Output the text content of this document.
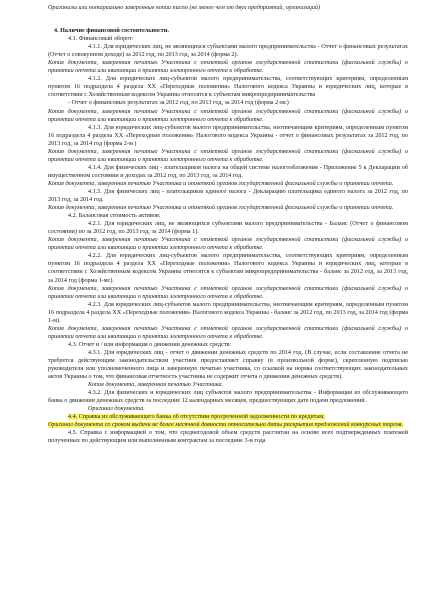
Оригиналы или нотариально заверенные копии писем (не менее чем от двух предприятий, организаций)

4. Наличие финансовой состоятельности.

4.1. Финансовый оборот:

4.1.1. Для юридических лиц, не являющихся субъектами малого предпринимательства - Отчет о финансовых результатах (Отчет о совокупном доходе) за 2012 год, по 2013 год, за 2014 (форма 2).

Копия документа, заверенная печатью Участника с отметкой органов государственной статистики (фискальной службы) о принятии отчета или квитанции о принятии электронного отчета к обработке.

4.1.2. Для юридических лиц-субъектов малого предпринимательства, соответствующих критериям, определенным пунктом 16 подраздела 4 раздела XX «Переходные положения» Налогового кодекса Украины и юридических лиц, которые в соответствии с Хозяйственным кодексом Украины относятся к субъектам микропредпринимательства

- Отчет о финансовых результатах за 2012 год, по 2013 год, за 2014 год (форма 2-мс)

Копия документа, заверенная печатью Участника с отметкой органов государственной статистики (фискальной службы) о принятии отчета или квитанции о принятии электронного отчета к обработке.

4.1.3. Для юридических лиц-субъектов малого предпринимательства, неотвечающим критериям, определенным пунктом 16 подраздела 4 раздела XX «Переходные положения» Налогового кодекса Украины - отчет о финансовых результатах за 2012 год, по 2013 год, за 2014 год (форма 2-м )

Копия документа, заверенная печатью Участника с отметкой органов государственной статистики (фискальной службы) о принятии отчета или квитанции о принятии электронного отчета к обработке.

4.1.4. Для физических лиц - плательщиков налога на общей системе налогообложения - Приложение 5 к Декларации об имущественном состоянии и доходах за 2012 год, по 2013 год, за 2014 год.

Копия документа, заверенная печатью Участника и отметкой органов государственной фискальной службы о принятии отчета.

4.1.5. Для физических лиц - плательщиков единого налога - Декларацию плательщика единого налога за 2012 год, по 2013 год, за 2014 год.

Копия документа, заверенная печатью Участника и отметкой органов государственной фискальной службы о принятии отчета.

4.2. Балансовая стоимость активов:

4.2.1. Для юридических лиц, не являющихся субъектами малого предпринимательства - Баланс (Отчет о финансовом состоянии) по за 2012 год, по 2013 год, за 2014 (форма 1).

Копия документа, заверенная печатью Участника с отметкой органов государственной статистики (фискальной службы) о принятии отчета или квитанции о принятии электронного отчета к обработке.

4.2.2. Для юридических лиц-субъектов малого предпринимательства, соответствующих критериям, определенным пунктом 16 подраздела 4 раздела XX «Переходные положения» Налогового кодекса Украины и юридических лиц, которые в соответствии с Хозяйственным кодексом Украины относятся к субъектам микропредпринимательства - баланс за 2012 год, за 2013 год, за 2014 год (форма 1-мс).

Копия документа, заверенная печатью Участника с отметкой органов государственной статистики (фискальной службы) о принятии отчета или квитанции о принятии электронного отчета к обработке.

4.2.3. Для юридических лиц-субъектов малого предпринимательства, неотвечающим критериям, определенным пунктом 16 подраздела 4 раздела XX «Переходные положения» Налогового кодекса Украины - баланс за 2012 год, по 2013 год, за 2014 год (форма 1-м).

Копия документа, заверенная печатью Участника с отметкой органов государственной статистики (фискальной службы) о принятии отчета или квитанции о принятии электронного отчета к обработке.

4.3. Отчет и / или информация о движении денежных средств:

4.3.1. Для юридических лиц - отчет о движении денежных средств по 2014 год. (В случае, если составление отчета не требуется действующим законодательством участник предоставляет справку (в произвольной форме), скрепленную подписью руководителя или уполномоченного лица и заверенную печатью участника, со ссылкой на нормы соответствующих законодательных актов Украины о том, что финансовая отчетность участника не содержит отчета о движении денежных средств).

Копия документа, заверенная печатью Участника.

4.3.2. Для физических и юридических лиц субъектов малого предпринимательства - Информация из обслуживающего банка о движении денежных средств за последние 12 календарных месяцев, предшествующих дате подачи предложений.

Оригинал документа.

4.4. Справка из обслуживающего банка об отсутствии просроченной задолженности по кредитам.

Оригинал документа со сроком выдачи не более месячной давности относительно даты раскрытия предложений конкурсных торгов.

4.5. Справка с информацией о том, что среднегодовой объем средств рассчитан на основе всех подтвержденных платежей полученных по действующим или выполненным контрактам за последние 3-и года
